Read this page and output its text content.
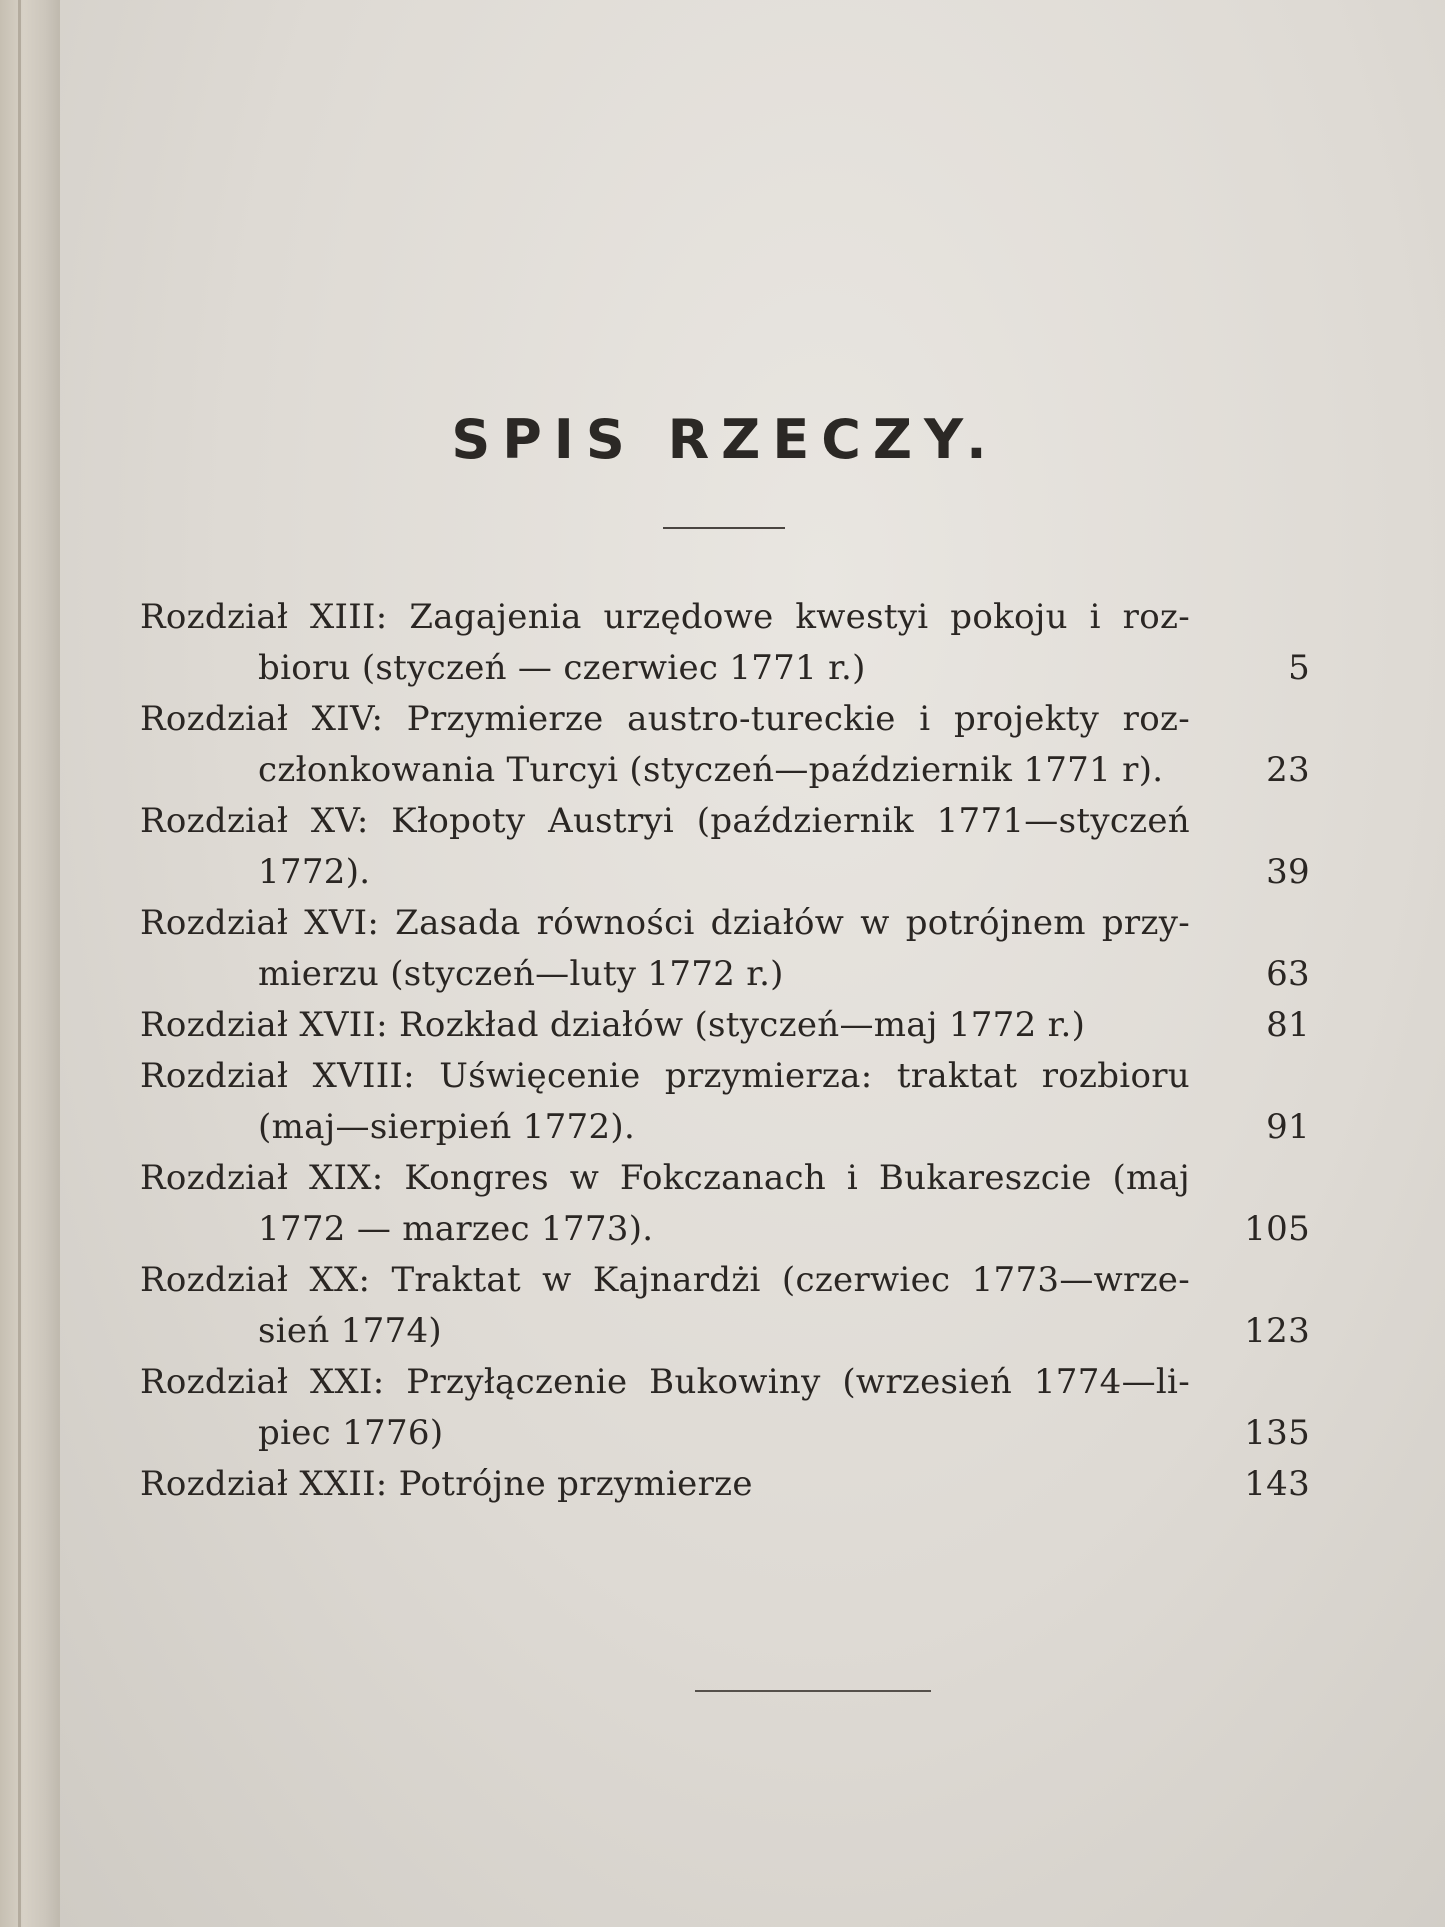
SPIS RZECZY.
Rozdział XIII: Zagajenia urzędowe kwestyi pokoju i roz-
bioru (styczeń — czerwiec 1771 r.)	5
Rozdział XIV: Przymierze austro-tureckie i projekty roz-
członkowania Turcyi (styczeń—październik 1771 r).	23
Rozdział XV: Kłopoty Austryi (październik 1771—styczeń
1772).	39
Rozdział XVI: Zasada równości działów w potrójnem przy-
mierzu (styczeń—luty 1772 r.)	63
Rozdział XVII: Rozkład działów (styczeń—maj 1772 r.)	81
Rozdział XVIII: Uświęcenie przymierza: traktat rozbioru
(maj—sierpień 1772).	91
Rozdział XIX: Kongres w Fokczanach i Bukareszcie (maj
1772 — marzec 1773).	105
Rozdział XX: Traktat w Kajnardżi (czerwiec 1773—wrze-
sień 1774)	123
Rozdział XXI: Przyłączenie Bukowiny (wrzesień 1774—li-
piec 1776)	135
Rozdział XXII: Potrójne przymierze	143
